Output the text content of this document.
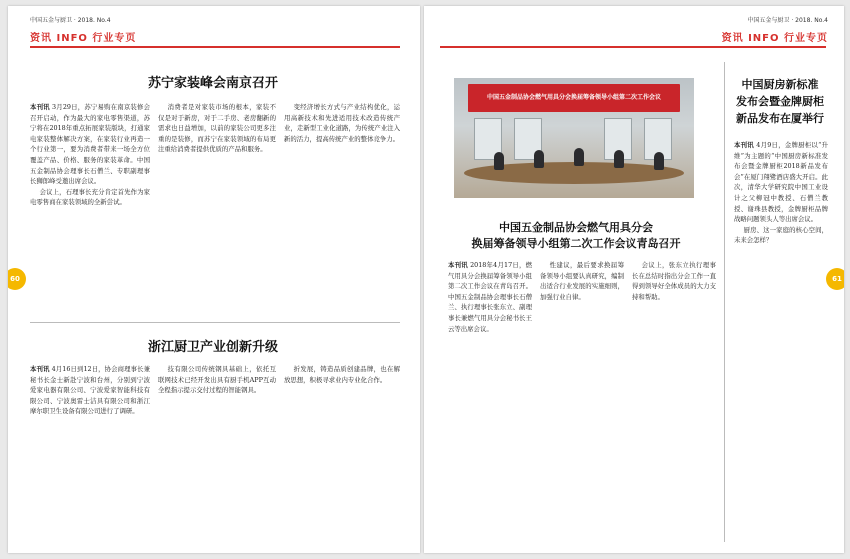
中国五金与厨卫 · 2018. No.4
资讯 INFO 行业专页
苏宁家装峰会南京召开

本刊讯 3月29日，苏宁易购在南京装修会召开启动，作为最大的家电零售渠道，苏宁将在2018年重点拓展家装版块，打通家电家装整体解决方案，在家装行业再造一个行业第一，要为消费者带来一场全方位覆盖产品、价格、服务的家装革命。中国五金制品协会理事长石僧兰、专职副理事长狮郎峰受邀出席会议。

会议上，石理事长充分肯定首先作为家电零售商在家装领域的全新尝试。

消费者是对家装市场的根本，家装不仅是对于新房，对于二手房、老房翻新的需求也日益增加，以前的家装公司更多注重的是装修，而苏宁在家装领域的布局更注重给消费者提供优质的产品和服务。

变经济增长方式与产业结构优化，运用高新技术和先进适用技术改造传统产业，走新型工业化道路，为传统产业注入新的活力，提高传统产业的整体竞争力。

浙江厨卫产业创新升级

本刊讯 4月16日到12日，协会商理事长兼秘书长金士新赴宁波和台州，分别到宁波爱家电器有限公司、宁波爱家智能科技有限公司、宁波奥雷士洁具有限公司和浙江摩尔职卫生设备有限公司进行了调研。

技有限公司传统钢具基础上，依托互联网技术已经开发出具有厨手机APP互动全程指示提示交付过程的智能钢具。

折发展，铸造品质创建品牌，也在解放思想，积极寻求业内专业化合作。

60
中国五金与厨卫 · 2018. No.4
资讯 INFO 行业专页
中国五金制品协会燃气用具分会换届筹备领导小组第二次工作会议
中国五金制品协会燃气用具分会
换届筹备领导小组第二次工作会议青岛召开

本刊讯 2018年4月17日，燃气用具分会换届筹备领导小组第二次工作会议在青岛召开。中国五金制品协会理事长石僧兰、执行理事长张东立、副理事长兼燃气用具分会秘书长王云等出席会议。

性建议，最后要求换届筹备领导小组要认真研究，编制出适合行业发展的实施细则，加强行业自律。

会议上，张东立执行理事长在总结时指出分会工作一直得到领导好全体成员的大力支持和帮助。

中国厨房新标准
发布会暨金牌厨柜
新品发布在厦举行

本刊讯 4月9日，金牌厨柜以“升维”为主题的“中国厨房新标准发布会暨金牌厨柜2018新品发布会”在厦门翔鹭酒店盛大开启。此次，清华大学研究院中国工业设计之父柳冠中教授、石僧兰教授、谢珠县教授，金牌厨柜品牌战略问题领头人等出席会议。

厨房、这一家庭的核心空间，未来会怎样？

61
